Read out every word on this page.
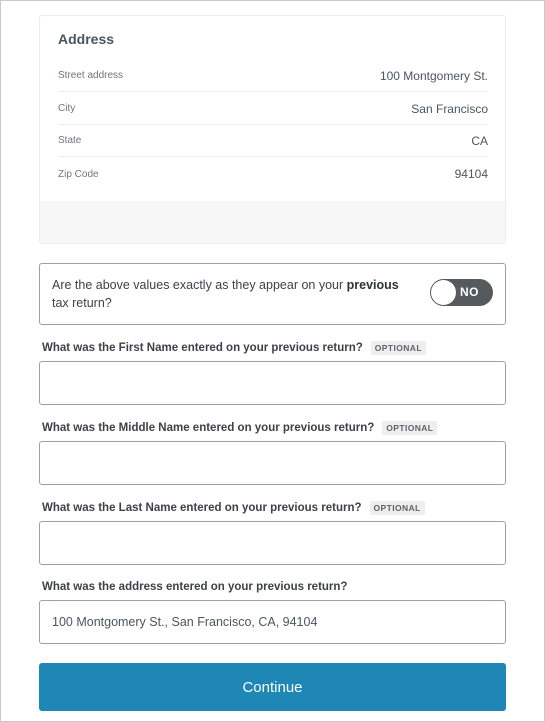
Address
Street address	100 Montgomery St.
City	San Francisco
State	CA
Zip Code	94104
Are the above values exactly as they appear on your previous tax return?
NO
What was the First Name entered on your previous return?	OPTIONAL
What was the Middle Name entered on your previous return?	OPTIONAL
What was the Last Name entered on your previous return?	OPTIONAL
What was the address entered on your previous return?
100 Montgomery St., San Francisco, CA, 94104
Continue
